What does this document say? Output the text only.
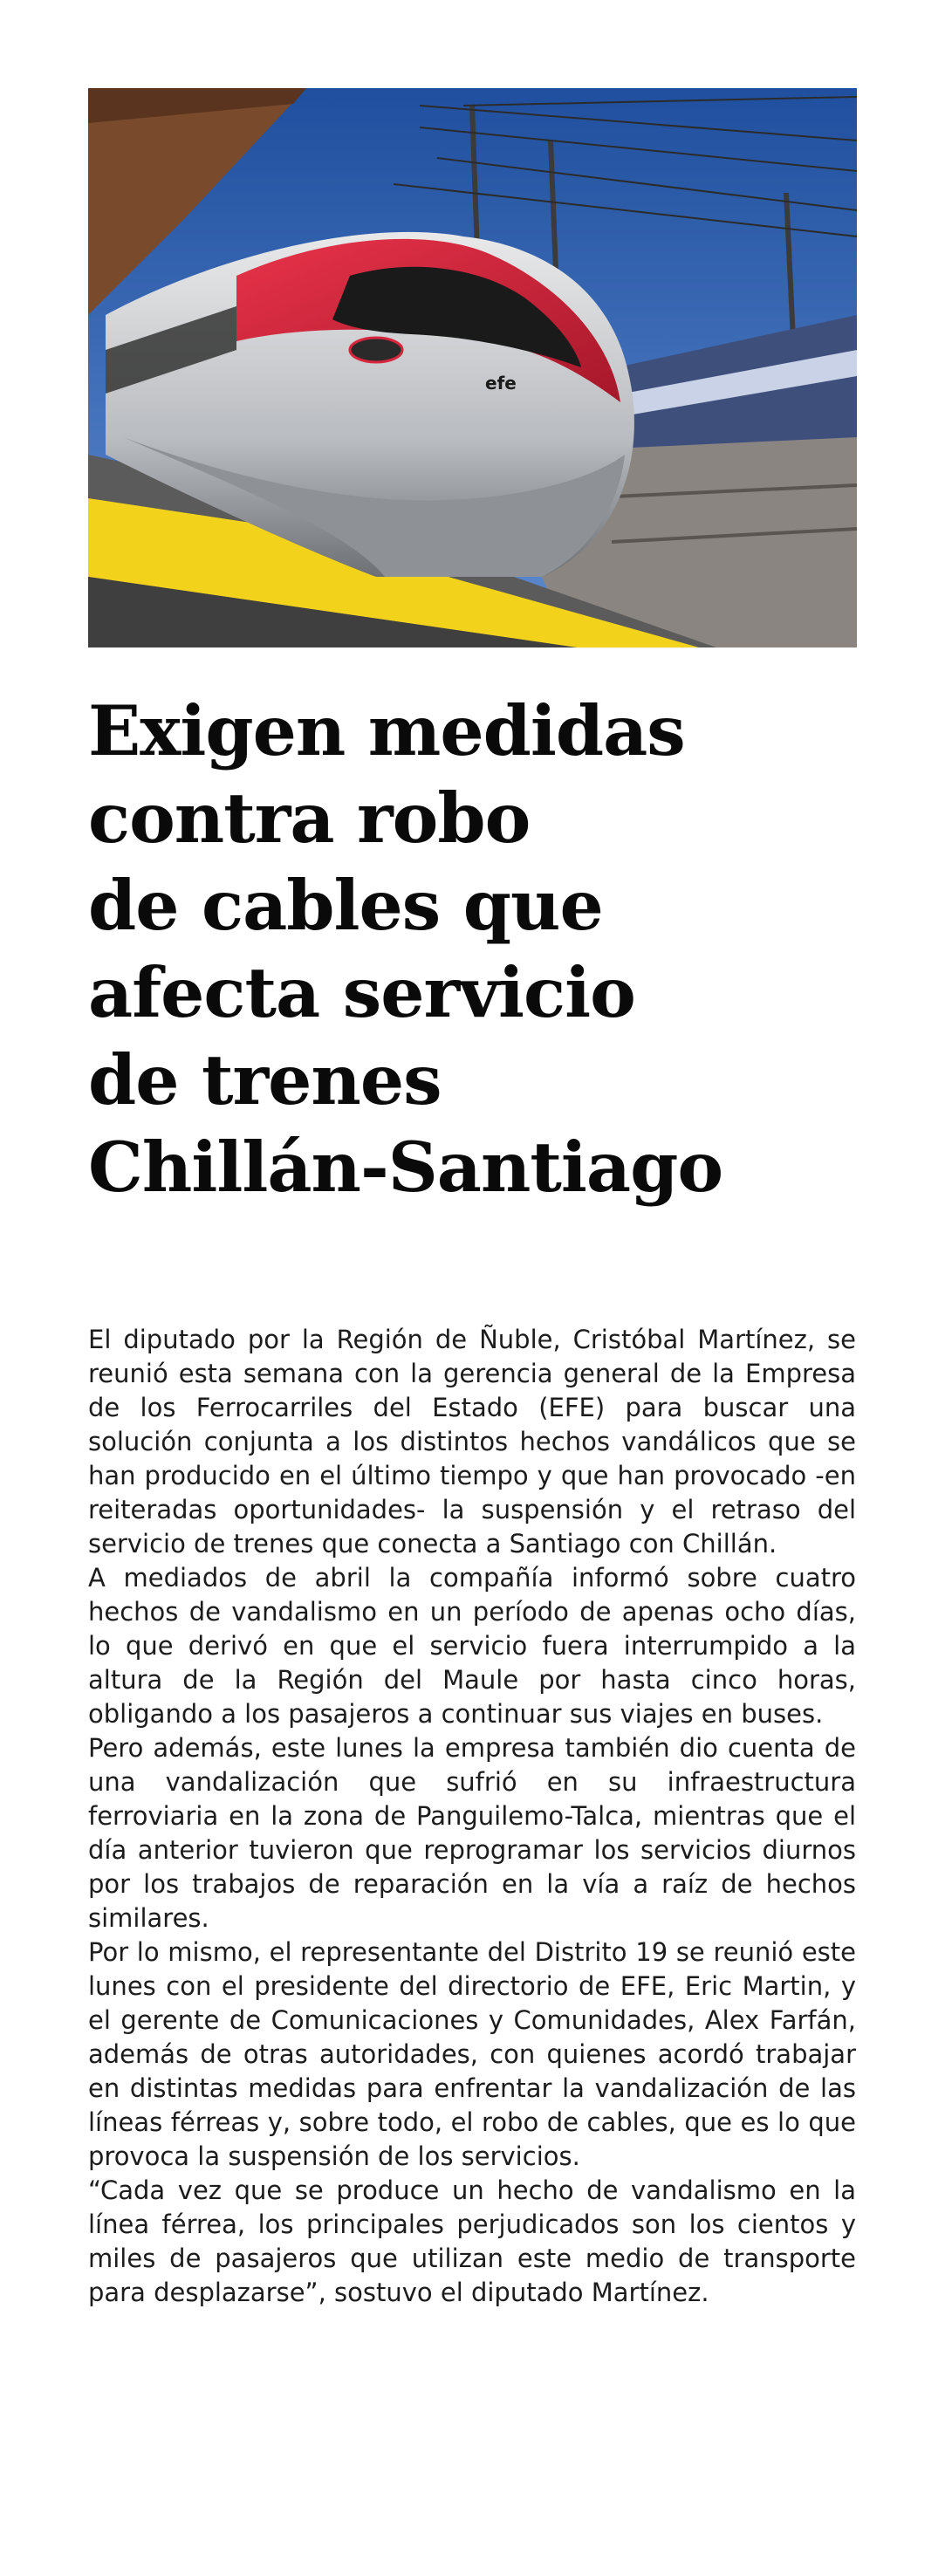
efe
Exigen medidas
contra robo
de cables que
afecta servicio
de trenes
Chillán-Santiago

El diputado por la Región de Ñuble, Cristóbal Martínez, se reunió esta semana con la gerencia general de la Empresa de los Ferrocarriles del Estado (EFE) para buscar una solución conjunta a los distintos hechos vandálicos que se han producido en el último tiempo y que han provocado -en reiteradas oportunidades- la suspensión y el retraso del servicio de trenes que conecta a Santiago con Chillán.

A mediados de abril la compañía informó sobre cuatro hechos de vandalismo en un período de apenas ocho días, lo que derivó en que el servicio fuera interrumpido a la altura de la Región del Maule por hasta cinco horas, obligando a los pasajeros a continuar sus viajes en buses.

Pero además, este lunes la empresa también dio cuenta de una vandalización que sufrió en su infraestructura ferroviaria en la zona de Panguilemo-Talca, mientras que el día anterior tuvieron que reprogramar los servicios diurnos por los trabajos de reparación en la vía a raíz de hechos similares.

Por lo mismo, el representante del Distrito 19 se reunió este lunes con el presidente del directorio de EFE, Eric Martin, y el gerente de Comunicaciones y Comunidades, Alex Farfán, además de otras autoridades, con quienes acordó trabajar en distintas medidas para enfrentar la vandalización de las líneas férreas y, sobre todo, el robo de cables, que es lo que provoca la suspensión de los servicios.

“Cada vez que se produce un hecho de vandalismo en la línea férrea, los principales perjudicados son los cientos y miles de pasajeros que utilizan este medio de transporte para desplazarse”, sostuvo el diputado Martínez.
